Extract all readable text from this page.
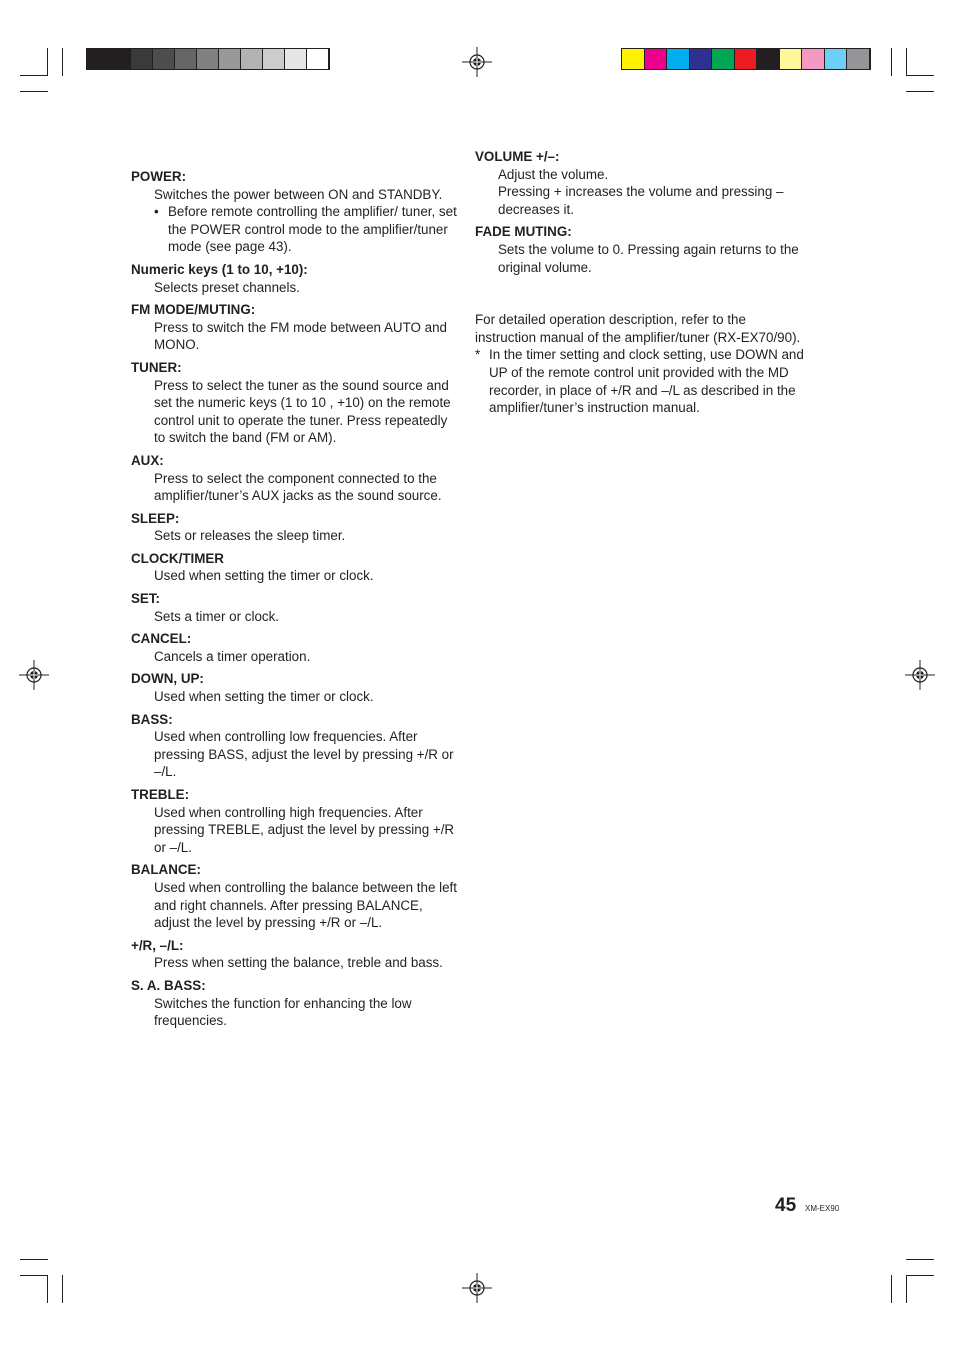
POWER:
Switches the power between ON and STANDBY.
• Before remote controlling the amplifier/ tuner, set the POWER control mode to the amplifier/tuner mode (see page 43).
Numeric keys (1 to 10, +10):
Selects preset channels.
FM MODE/MUTING:
Press to switch the FM mode between AUTO and MONO.
TUNER:
Press to select the tuner as the sound source and set the numeric keys (1 to 10 , +10) on the remote control unit to operate the tuner. Press repeatedly to switch the band (FM or AM).
AUX:
Press to select the component connected to the amplifier/tuner’s AUX jacks as the sound source.
SLEEP:
Sets or releases the sleep timer.
CLOCK/TIMER
Used when setting the timer or clock.
SET:
Sets a timer or clock.
CANCEL:
Cancels a timer operation.
DOWN, UP:
Used when setting the timer or clock.
BASS:
Used when controlling low frequencies. After pressing BASS, adjust the level by pressing +/R or –/L.
TREBLE:
Used when controlling high frequencies. After pressing TREBLE, adjust the level by pressing +/R or –/L.
BALANCE:
Used when controlling the balance between the left and right channels. After pressing BALANCE, adjust the level by pressing +/R or –/L.
+/R, –/L:
Press when setting the balance, treble and bass.
S. A. BASS:
Switches the function for enhancing the low frequencies.
VOLUME +/–:
Adjust the volume.
Pressing + increases the volume and pressing – decreases it.
FADE MUTING:
Sets the volume to 0. Pressing again returns to the original volume.
For detailed operation description, refer to the instruction manual of the amplifier/tuner (RX-EX70/90).
* In the timer setting and clock setting, use DOWN and UP of the remote control unit provided with the MD recorder, in place of +/R and –/L as described in the amplifier/tuner’s instruction manual.
45 XM-EX90
